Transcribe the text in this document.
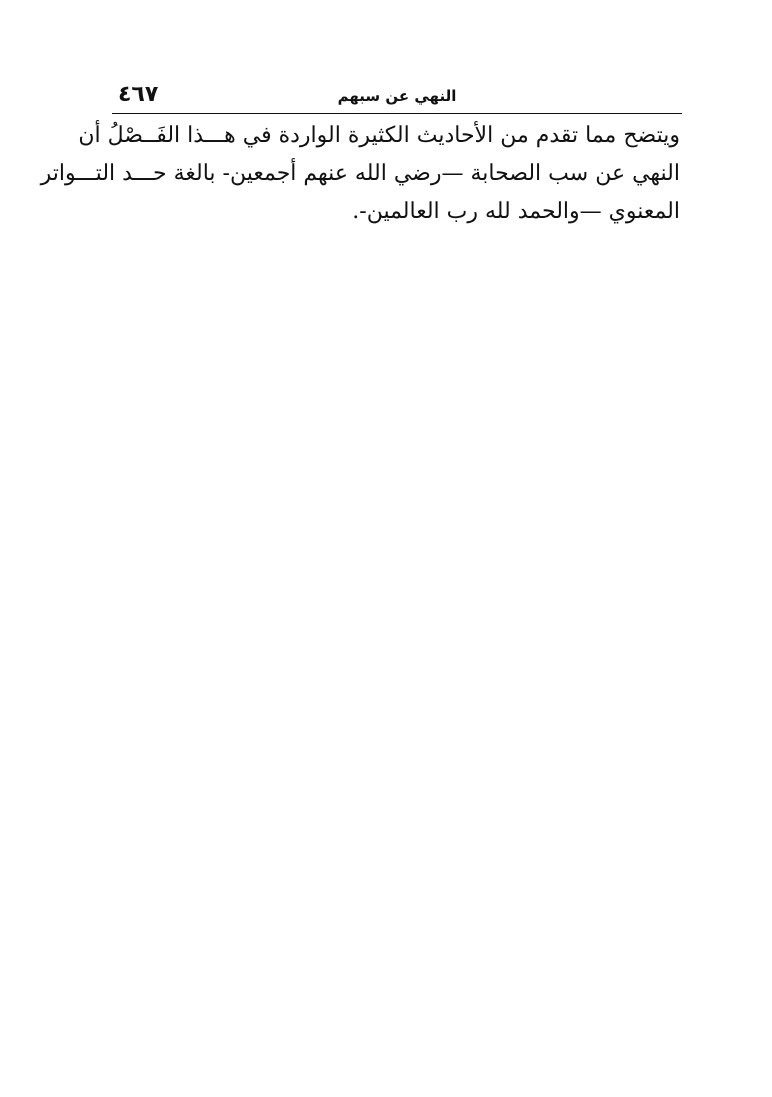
النهي عن سبهم
٤٦٧
ويتضح مما تقدم من الأحاديث الكثيرة الواردة في هـــذا الفَــصْلُ أن
النهي عن سب الصحابة —رضي الله عنهم أجمعين- بالغة حـــد التـــواتر
المعنوي —والحمد لله رب العالمين-.
